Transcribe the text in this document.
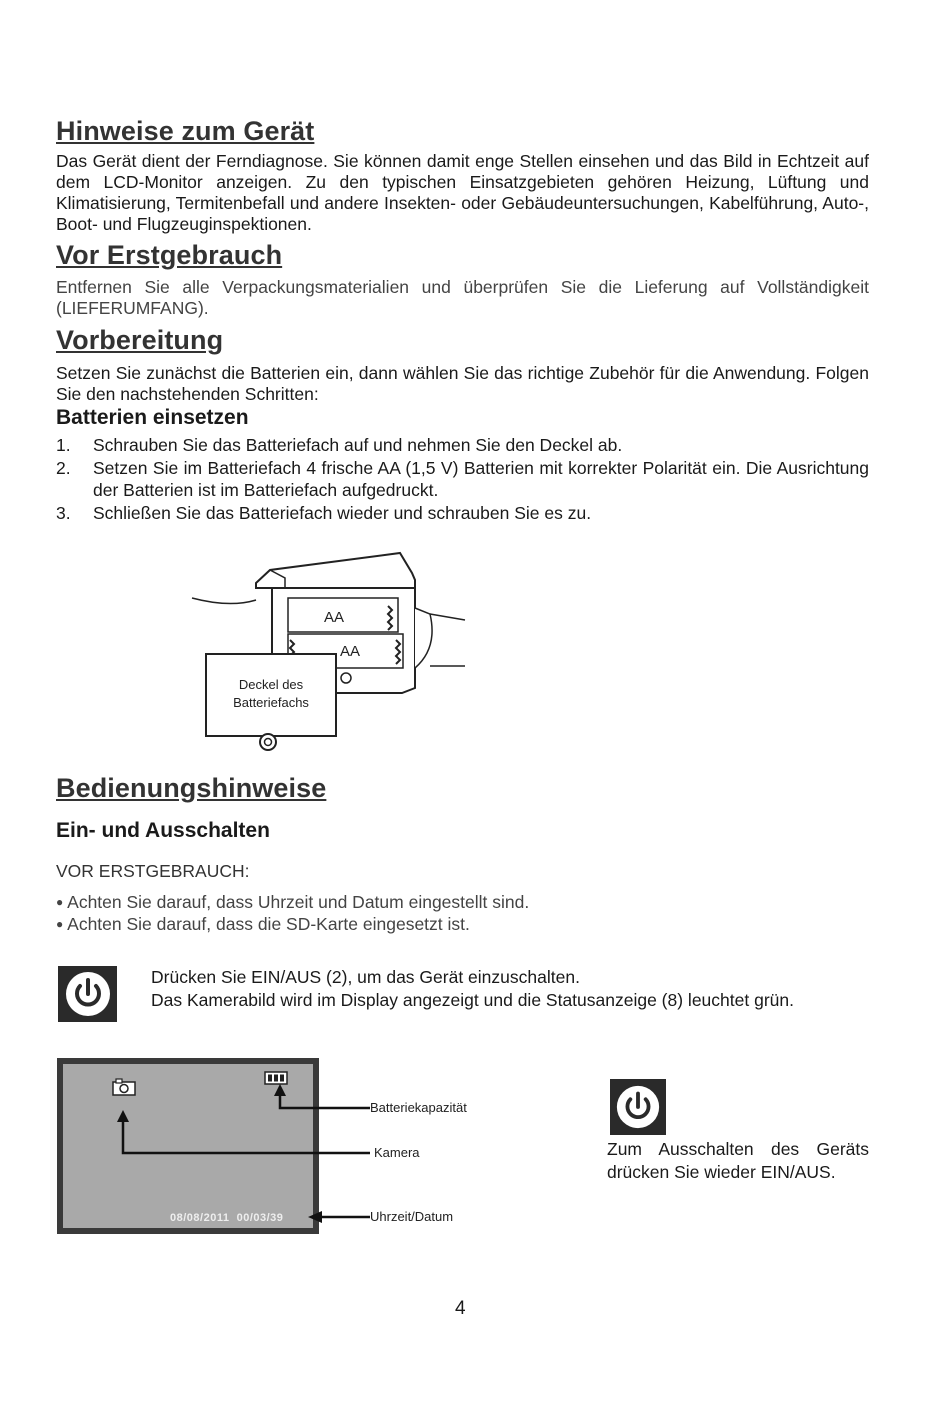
Hinweise zum Gerät
Das Gerät dient der Ferndiagnose. Sie können damit enge Stellen einsehen und das Bild in Echtzeit auf dem LCD-Monitor anzeigen. Zu den typischen Einsatzgebieten gehören Heizung, Lüftung und Klimatisierung, Termitenbefall und andere Insekten- oder Gebäudeuntersuchungen, Kabelführung, Auto-, Boot- und Flugzeuginspektionen.
Vor Erstgebrauch
Entfernen Sie alle Verpackungsmaterialien und überprüfen Sie die Lieferung auf Vollständigkeit (LIEFERUMFANG).
Vorbereitung
Setzen Sie zunächst die Batterien ein, dann wählen Sie das richtige Zubehör für die Anwendung. Folgen Sie den nachstehenden Schritten:
Batterien einsetzen
1. Schrauben Sie das Batteriefach auf und nehmen Sie den Deckel ab.
2. Setzen Sie im Batteriefach 4 frische AA (1,5 V) Batterien mit korrekter Polarität ein. Die Ausrichtung der Batterien ist im Batteriefach aufgedruckt.
3. Schließen Sie das Batteriefach wieder und schrauben Sie es zu.
AA
AA
Deckel des
Batteriefachs
Bedienungshinweise
Ein- und Ausschalten
VOR ERSTGEBRAUCH:
● Achten Sie darauf, dass Uhrzeit und Datum eingestellt sind.
● Achten Sie darauf, dass die SD-Karte eingesetzt ist.
Drücken Sie EIN/AUS (2), um das Gerät einzuschalten.
Das Kamerabild wird im Display angezeigt und die Statusanzeige (8) leuchtet grün.
08/08/2011 00/03/39
Batteriekapazität
Kamera
Uhrzeit/Datum
Zum Ausschalten des Geräts drücken Sie wieder EIN/AUS.
4
